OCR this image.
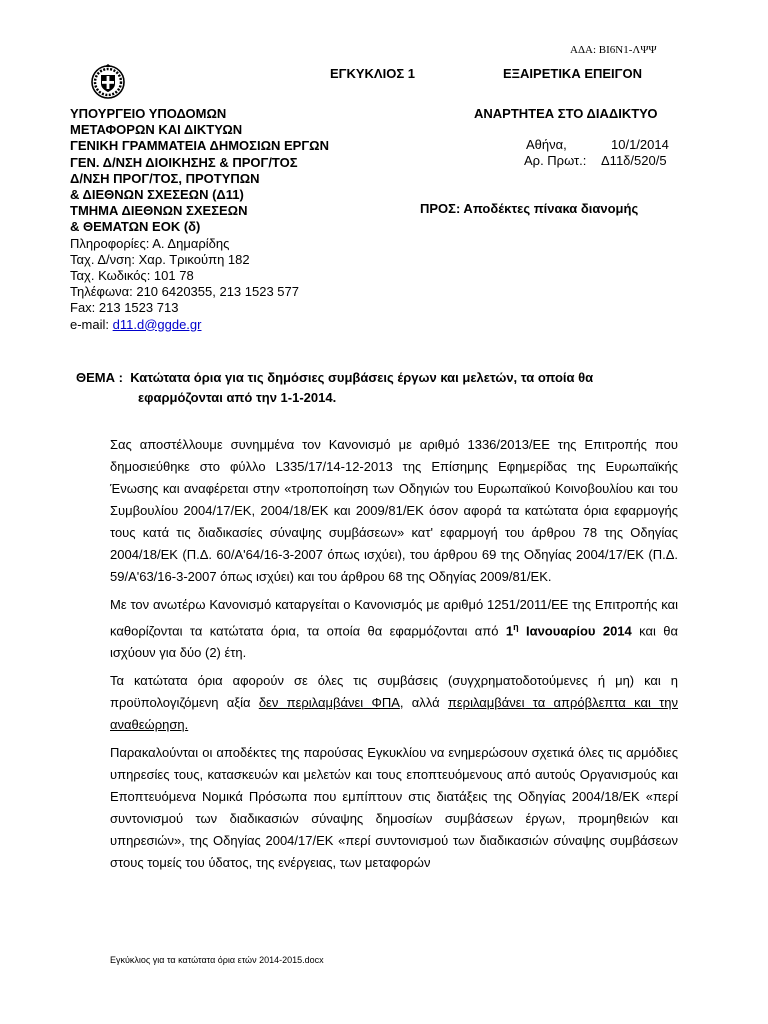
ΑΔΑ: ΒΙ6Ν1-ΛΨΨ
ΕΓΚΥΚΛΙΟΣ 1	ΕΞΑΙΡΕΤΙΚΑ ΕΠΕΙΓΟΝ
ΥΠΟΥΡΓΕΙΟ ΥΠΟΔΟΜΩΝ
ΜΕΤΑΦΟΡΩΝ ΚΑΙ ΔΙΚΤΥΩΝ
ΓΕΝΙΚΗ ΓΡΑΜΜΑΤΕΙΑ ΔΗΜΟΣΙΩΝ ΕΡΓΩΝ
ΓΕΝ. Δ/ΝΣΗ ΔΙΟΙΚΗΣΗΣ & ΠΡΟΓ/ΤΟΣ
Δ/ΝΣΗ ΠΡΟΓ/ΤΟΣ, ΠΡΟΤΥΠΩΝ
& ΔΙΕΘΝΩΝ ΣΧΕΣΕΩΝ (Δ11)
ΤΜΗΜΑ ΔΙΕΘΝΩΝ ΣΧΕΣΕΩΝ
& ΘΕΜΑΤΩΝ ΕΟΚ (δ)
Πληροφορίες: Α. Δημαρίδης
Ταχ. Δ/νση: Χαρ. Τρικούπη 182
Ταχ. Κωδικός: 101 78
Τηλέφωνα: 210 6420355, 213 1523 577
Fax: 213 1523 713
e-mail: d11.d@ggde.gr
ΑΝΑΡΤΗΤΕΑ ΣΤΟ ΔΙΑΔΙΚΤΥΟ
Αθήνα,	10/1/2014
Αρ. Πρωτ.: Δ11δ/520/5
ΠΡΟΣ: Αποδέκτες πίνακα διανομής
ΘΕΜΑ : Κατώτατα όρια για τις δημόσιες συμβάσεις έργων και μελετών, τα οποία θα
εφαρμόζονται από την 1-1-2014.

Σας αποστέλλουμε συνημμένα τον Κανονισμό με αριθμό 1336/2013/ΕΕ της Επιτροπής που δημοσιεύθηκε στο φύλλο L335/17/14-12-2013 της Επίσημης Εφημερίδας της Ευρωπαϊκής Ένωσης και αναφέρεται στην «τροποποίηση των Οδηγιών του Ευρωπαϊκού Κοινοβουλίου και του Συμβουλίου 2004/17/ΕΚ, 2004/18/ΕΚ και 2009/81/ΕΚ όσον αφορά τα κατώτατα όρια εφαρμογής τους κατά τις διαδικασίες σύναψης συμβάσεων» κατ' εφαρμογή του άρθρου 78 της Οδηγίας 2004/18/ΕΚ (Π.Δ. 60/Α'64/16-3-2007 όπως ισχύει), του άρθρου 69 της Οδηγίας 2004/17/ΕΚ (Π.Δ. 59/Α'63/16-3-2007 όπως ισχύει) και του άρθρου 68 της Οδηγίας 2009/81/ΕΚ.

Με τον ανωτέρω Κανονισμό καταργείται ο Κανονισμός με αριθμό 1251/2011/ΕΕ της Επιτροπής και καθορίζονται τα κατώτατα όρια, τα οποία θα εφαρμόζονται από $1^\eta$ Ιανουαρίου 2014 και θα ισχύουν για δύο (2) έτη.

Τα κατώτατα όρια αφορούν σε όλες τις συμβάσεις (συγχρηματοδοτούμενες ή μη) και η προϋπολογιζόμενη αξία δεν περιλαμβάνει ΦΠΑ, αλλά περιλαμβάνει τα απρόβλεπτα και την αναθεώρηση.

Παρακαλούνται οι αποδέκτες της παρούσας Εγκυκλίου να ενημερώσουν σχετικά όλες τις αρμόδιες υπηρεσίες τους, κατασκευών και μελετών και τους εποπτευόμενους από αυτούς Οργανισμούς και Εποπτευόμενα Νομικά Πρόσωπα που εμπίπτουν στις διατάξεις της Οδηγίας 2004/18/ΕΚ «περί συντονισμού των διαδικασιών σύναψης δημοσίων συμβάσεων έργων, προμηθειών και υπηρεσιών», της Οδηγίας 2004/17/ΕΚ «περί συντονισμού των διαδικασιών σύναψης συμβάσεων στους τομείς του ύδατος, της ενέργειας, των μεταφορών

Εγκύκλιος για τα κατώτατα όρια ετών 2014-2015.docx
